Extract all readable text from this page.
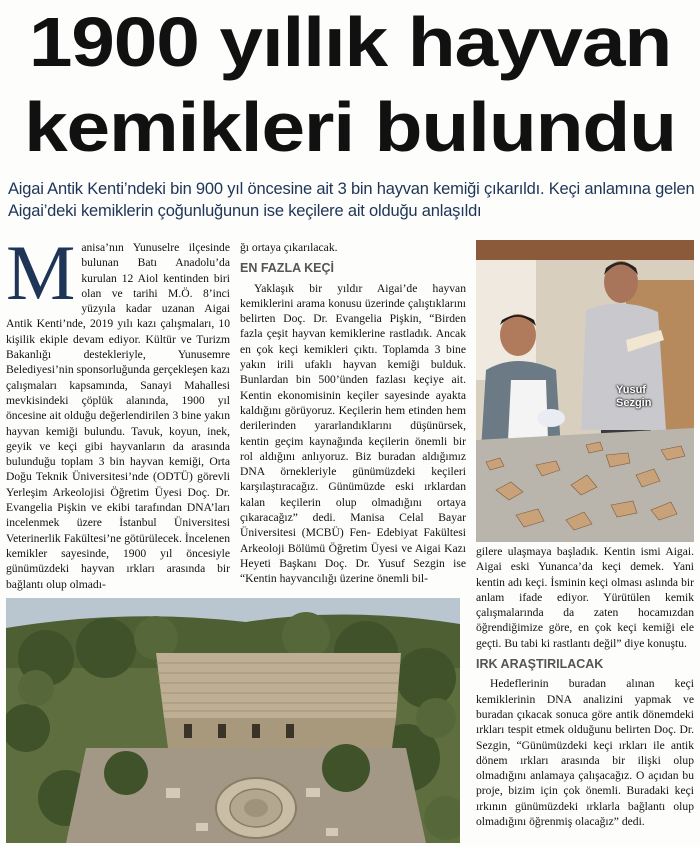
1900 yıllık hayvan
kemikleri bulundu
Aigai Antik Kenti’ndeki bin 900 yıl öncesine ait 3 bin hayvan kemiği çıkarıldı. Keçi anlamına gelen Aigai’deki kemiklerin çoğunluğunun ise keçilere ait olduğu anlaşıldı
M anisa’nın Yunuselre ilçesinde bulunan Batı Anadolu’da kurulan 12 Aiol kentinden biri olan ve tarihi M.Ö. 8’inci yüzyıla kadar uzanan Aigai Antik Kenti’nde, 2019 yılı kazı çalışmaları, 10 kişilik ekiple devam ediyor. Kültür ve Turizm Bakanlığı destekleriyle, Yunusemre Belediyesi’nin sponsorluğunda gerçekleşen kazı çalışmaları kapsamında, Sanayi Mahallesi mevkisindeki çöplük alanında, 1900 yıl öncesine ait olduğu değerlendirilen 3 bine yakın hayvan kemiği bulundu. Tavuk, koyun, inek, geyik ve keçi gibi hayvanların da arasında bulunduğu toplam 3 bin hayvan kemiği, Orta Doğu Teknik Üniversitesi’nde (ODTÜ) görevli Yerleşim Arkeolojisi Öğretim Üyesi Doç. Dr. Evangelia Pişkin ve ekibi tarafından DNA’ları incelenmek üzere İstanbul Üniversitesi Veterinerlik Fakültesi’ne götürülecek. İncelenen kemikler sayesinde, 1900 yıl öncesiyle günümüzdeki hayvan ırkları arasında bir bağlantı olup olmadı-

ğı ortaya çıkarılacak.

EN FAZLA KEÇİ

Yaklaşık bir yıldır Aigai’de hayvan kemiklerini arama konusu üzerinde çalıştıklarını belirten Doç. Dr. Evangelia Pişkin, “Birden fazla çeşit hayvan kemiklerine rastladık. Ancak en çok keçi kemikleri çıktı. Toplamda 3 bine yakın irili ufaklı hayvan kemiği bulduk. Bunlardan bin 500’ünden fazlası keçiye ait. Kentin ekonomisinin keçiler sayesinde ayakta kaldığını görüyoruz. Keçilerin hem etinden hem derilerinden yararlandıklarını düşünürsek, kentin geçim kaynağında keçilerin önemli bir rol aldığını anlıyoruz. Biz buradan aldığımız DNA örnekleriyle günümüzdeki keçileri karşılaştıracağız. Günümüzde eski ırklardan kalan keçilerin olup olmadığını ortaya çıkaracağız” dedi. Manisa Celal Bayar Üniversitesi (MCBÜ) Fen- Edebiyat Fakültesi Arkeoloji Bölümü Öğretim Üyesi ve Aigai Kazı Heyeti Başkanı Doç. Dr. Yusuf Sezgin ise “Kentin hayvancılığı üzerine önemli bil-

Yusuf
Sezgin

gilere ulaşmaya başladık. Kentin ismi Aigai. Aigai eski Yunanca’da keçi demek. Yani kentin adı keçi. İsminin keçi olması aslında bir anlam ifade ediyor. Yürütülen kemik çalışmalarında da zaten hocamızdan öğrendiğimize göre, en çok keçi kemiği ele geçti. Bu tabi ki rastlantı değil” diye konuştu.

IRK ARAŞTIRILACAK

Hedeflerinin buradan alınan keçi kemiklerinin DNA analizini yapmak ve buradan çıkacak sonuca göre antik dönemdeki ırkları tespit etmek olduğunu belirten Doç. Dr. Sezgin, “Günümüzdeki keçi ırkları ile antik dönem ırkları arasında bir ilişki olup olmadığını anlamaya çalışacağız. O açıdan bu proje, bizim için çok önemli. Buradaki keçi ırkının günümüzdeki ırklarla bağlantı olup olmadığını öğrenmiş olacağız” dedi.
